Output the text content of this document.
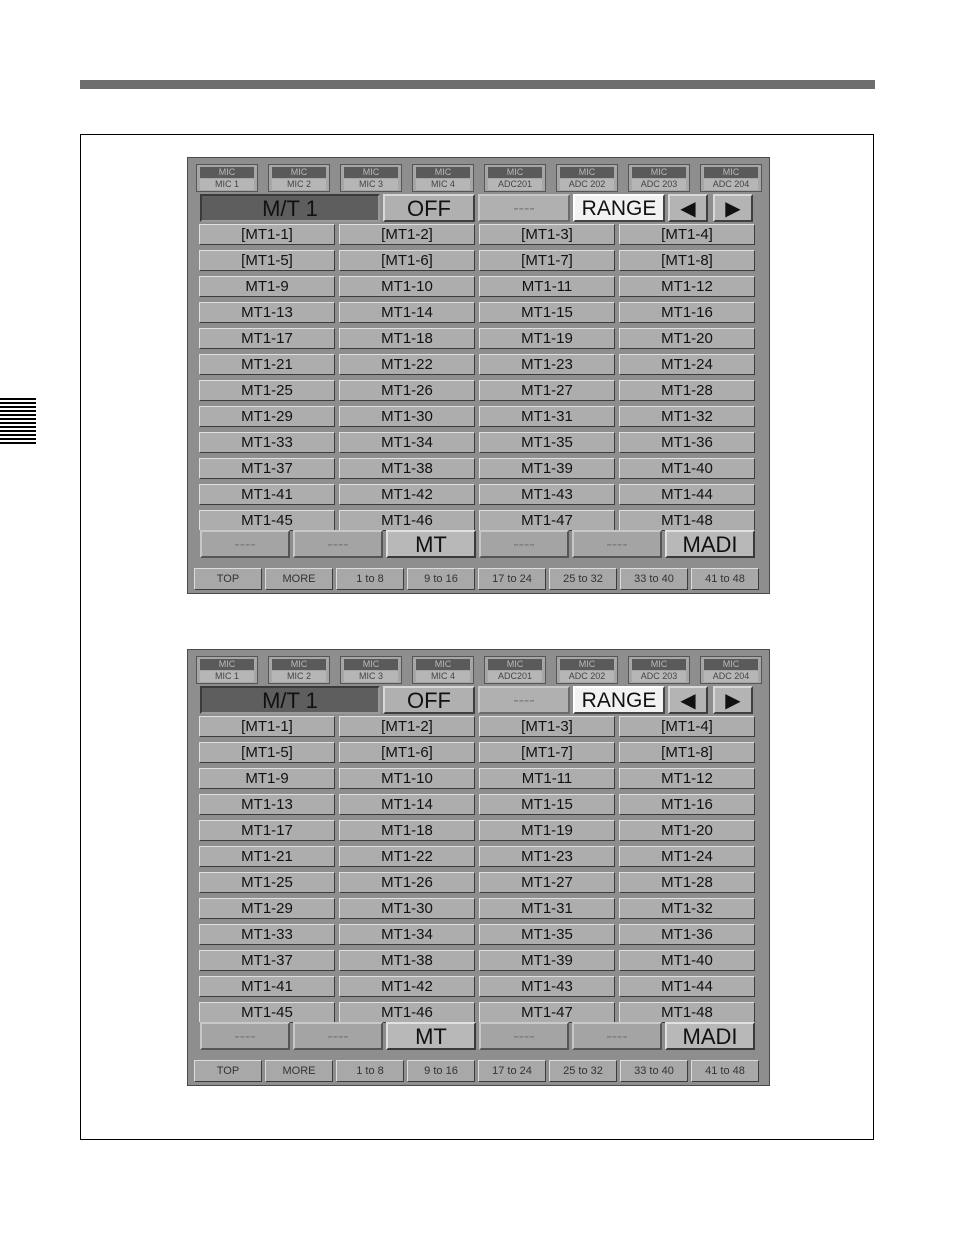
MIC
MIC 1
MIC
MIC 2
MIC
MIC 3
MIC
MIC 4
MIC
ADC201
MIC
ADC 202
MIC
ADC 203
MIC
ADC 204
M/T 1	OFF	----	RANGE	◀	▶
[MT1-1]	[MT1-2]	[MT1-3]	[MT1-4]
[MT1-5]	[MT1-6]	[MT1-7]	[MT1-8]
MT1-9	MT1-10	MT1-11	MT1-12
MT1-13	MT1-14	MT1-15	MT1-16
MT1-17	MT1-18	MT1-19	MT1-20
MT1-21	MT1-22	MT1-23	MT1-24
MT1-25	MT1-26	MT1-27	MT1-28
MT1-29	MT1-30	MT1-31	MT1-32
MT1-33	MT1-34	MT1-35	MT1-36
MT1-37	MT1-38	MT1-39	MT1-40
MT1-41	MT1-42	MT1-43	MT1-44
MT1-45	MT1-46	MT1-47	MT1-48
----	----	MT	----	----	MADI
TOP	MORE	1 to 8	9 to 16	17 to 24	25 to 32	33 to 40	41 to 48
MIC
MIC 1
MIC
MIC 2
MIC
MIC 3
MIC
MIC 4
MIC
ADC201
MIC
ADC 202
MIC
ADC 203
MIC
ADC 204
M/T 1	OFF	----	RANGE	◀	▶
[MT1-1]	[MT1-2]	[MT1-3]	[MT1-4]
[MT1-5]	[MT1-6]	[MT1-7]	[MT1-8]
MT1-9	MT1-10	MT1-11	MT1-12
MT1-13	MT1-14	MT1-15	MT1-16
MT1-17	MT1-18	MT1-19	MT1-20
MT1-21	MT1-22	MT1-23	MT1-24
MT1-25	MT1-26	MT1-27	MT1-28
MT1-29	MT1-30	MT1-31	MT1-32
MT1-33	MT1-34	MT1-35	MT1-36
MT1-37	MT1-38	MT1-39	MT1-40
MT1-41	MT1-42	MT1-43	MT1-44
MT1-45	MT1-46	MT1-47	MT1-48
----	----	MT	----	----	MADI
TOP	MORE	1 to 8	9 to 16	17 to 24	25 to 32	33 to 40	41 to 48
